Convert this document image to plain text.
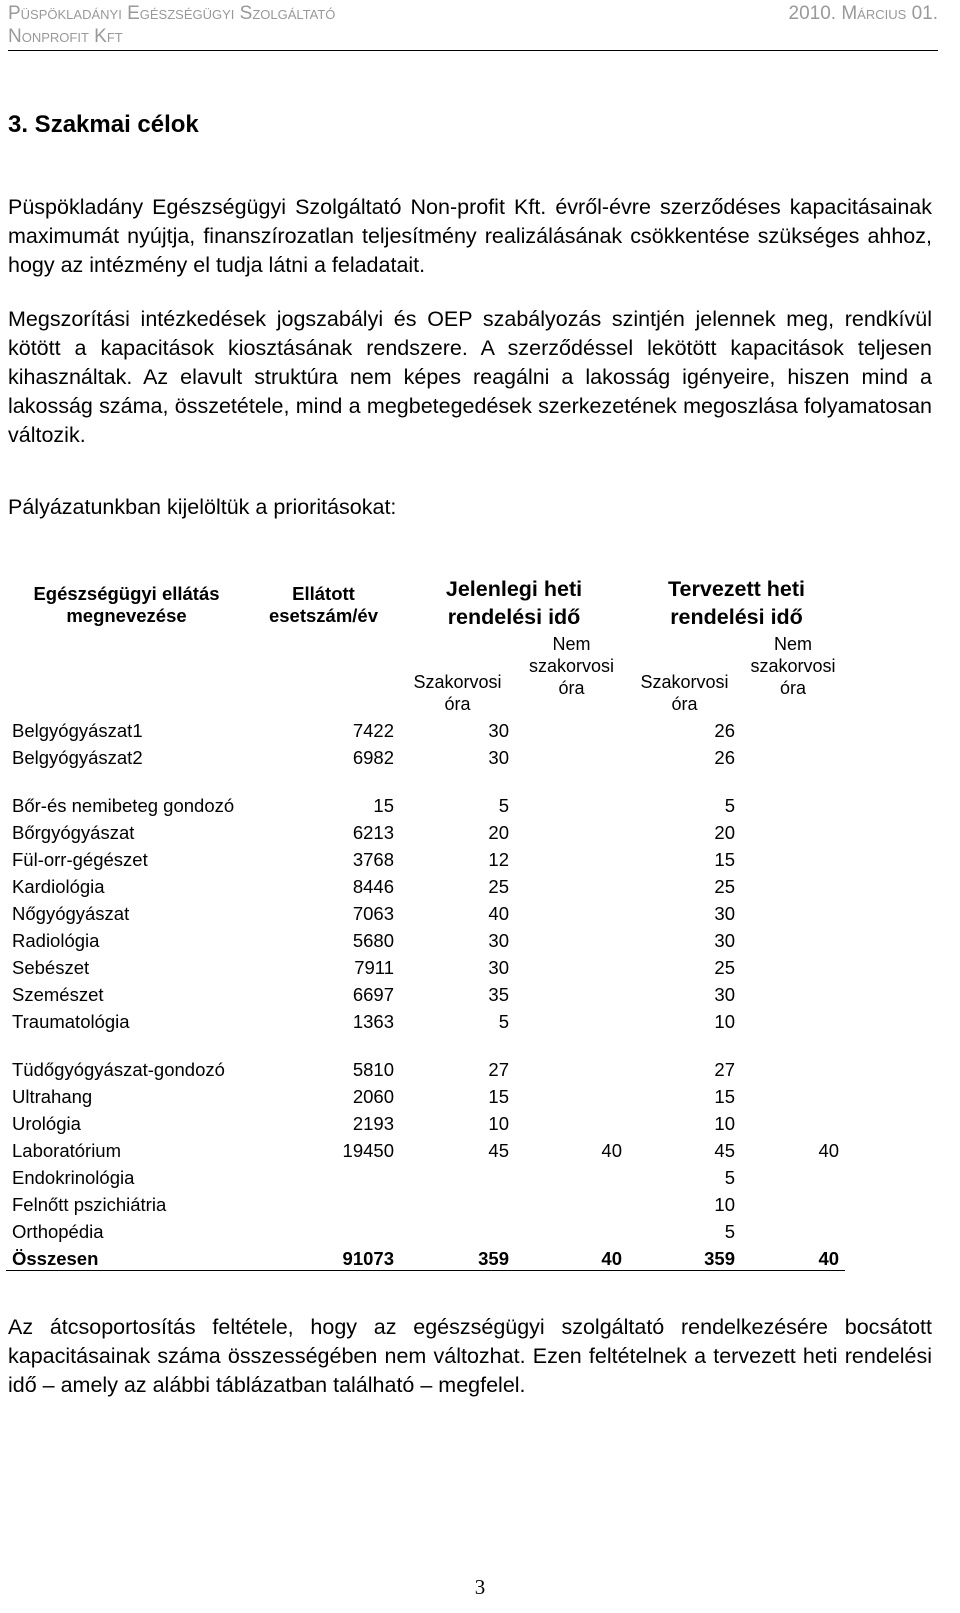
Püspökladányi Egészségügyi Szolgáltató
Nonprofit Kft
2010. Március 01.
3. Szakmai célok

Püspökladány Egészségügyi Szolgáltató Non-profit Kft. évről-évre szerződéses kapacitásainak maximumát nyújtja, finanszírozatlan teljesítmény realizálásának csökkentése szükséges ahhoz, hogy az intézmény el tudja látni a feladatait.

Megszorítási intézkedések jogszabályi és OEP szabályozás szintjén jelennek meg, rendkívül kötött a kapacitások kiosztásának rendszere. A szerződéssel lekötött kapacitások teljesen kihasználtak. Az elavult struktúra nem képes reagálni a lakosság igényeire, hiszen mind a lakosság száma, összetétele, mind a megbetegedések szerkezetének megoszlása folyamatosan változik.

Pályázatunkban kijelöltük a prioritásokat:

Egészségügyi ellátás megnevezése	Ellátott esetszám/év	Jelenlegi heti rendelési idő		Tervezett heti rendelési idő	
		Szakorvosi óra	Nem szakorvosi óra	Szakorvosi óra	Nem szakorvosi óra
Belgyógyászat1	7422	30		26	
Belgyógyászat2	6982	30		26	
Bőr-és nemibeteg gondozó	15	5		5	
Bőrgyógyászat	6213	20		20	
Fül-orr-gégészet	3768	12		15	
Kardiológia	8446	25		25	
Nőgyógyászat	7063	40		30	
Radiológia	5680	30		30	
Sebészet	7911	30		25	
Szemészet	6697	35		30	
Traumatológia	1363	5		10	
Tüdőgyógyászat-gondozó	5810	27		27	
Ultrahang	2060	15		15	
Urológia	2193	10		10	
Laboratórium	19450	45	40	45	40
Endokrinológia				5	
Felnőtt pszichiátria				10	
Orthopédia				5	
Összesen	91073	359	40	359	40

Az átcsoportosítás feltétele, hogy az egészségügyi szolgáltató rendelkezésére bocsátott kapacitásainak száma összességében nem változhat. Ezen feltételnek a tervezett heti rendelési idő – amely az alábbi táblázatban található – megfelel.

3
